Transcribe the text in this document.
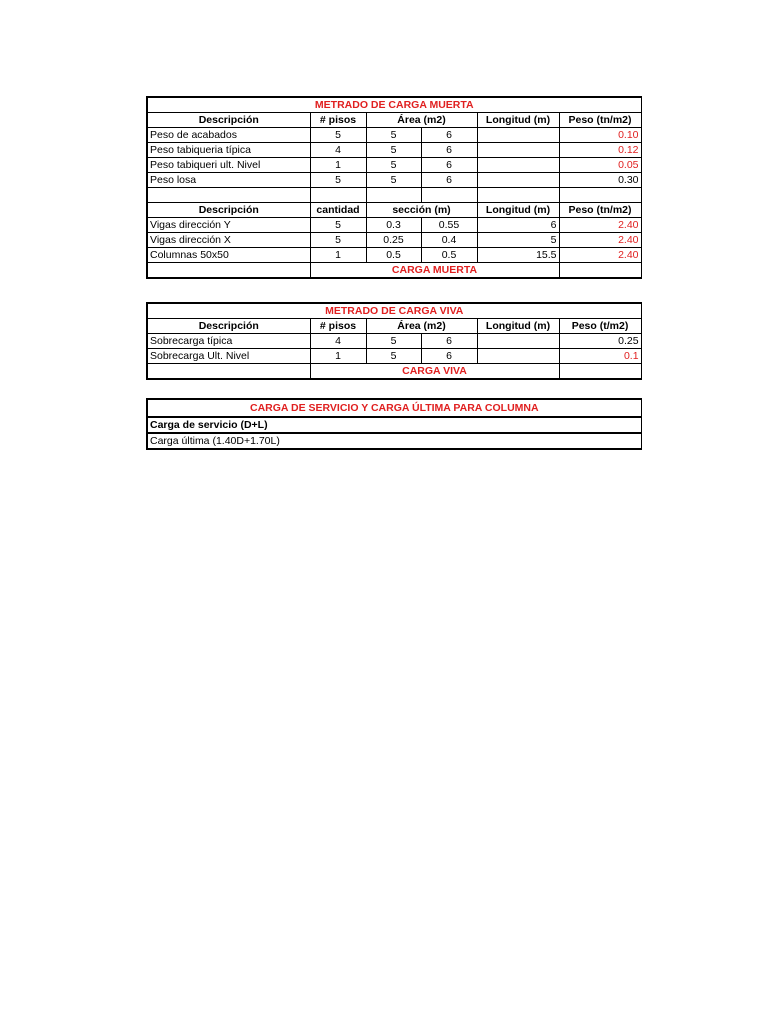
METRADO DE CARGA MUERTA					
Descripción	# pisos	Área (m2)		Longitud (m)	Peso (tn/m2)
Peso de acabados	5	5	6		0.10
Peso tabiqueria típica	4	5	6		0.12
Peso tabiqueri ult. Nivel	1	5	6		0.05
Peso losa	5	5	6		0.30

Descripción	cantidad	sección (m)		Longitud (m)	Peso (tn/m2)
Vigas dirección Y	5	0.3	0.55	6	2.40
Vigas dirección X	5	0.25	0.4	5	2.40
Columnas 50x50	1	0.5	0.5	15.5	2.40
	CARGA MUERTA				
METRADO DE CARGA VIVA					
Descripción	# pisos	Área (m2)		Longitud (m)	Peso (t/m2)
Sobrecarga típica	4	5	6		0.25
Sobrecarga Ult. Nivel	1	5	6		0.1
	CARGA VIVA				
CARGA DE SERVICIO Y CARGA ÚLTIMA PARA COLUMNA
Carga de servicio (D+L)
Carga última (1.40D+1.70L)
